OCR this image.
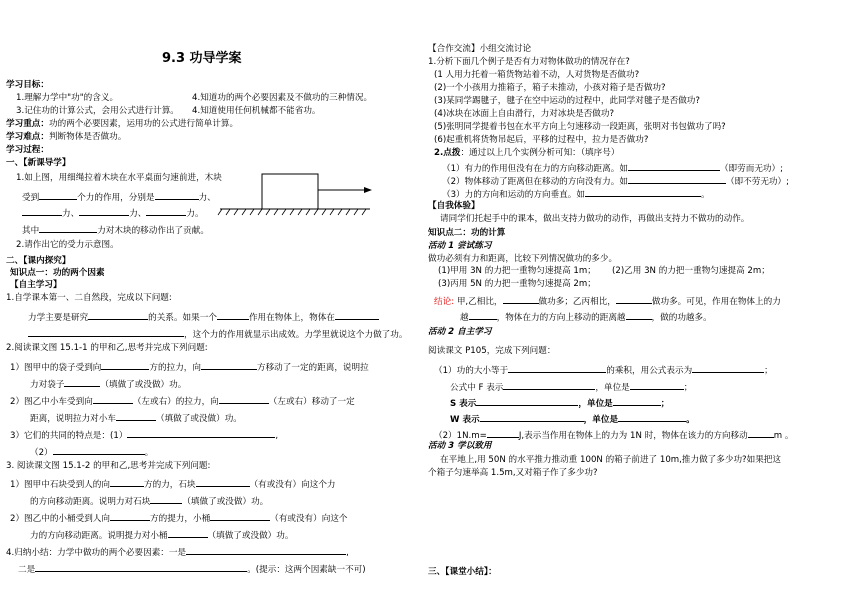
9.3 功导学案
学习目标：
1.理解力学中"功"的含义。	4.知道功的两个必要因素及不做功的三种情况。
3.记住功的计算公式，会用公式进行计算。 4.知道使用任何机械都不能省功。
学习重点：功的两个必要因素，运用功的公式进行简单计算。
学习难点：判断物体是否做功。
学习过程：
一、【新课导学】
1.如上图，用细绳拉着木块在水平桌面匀速前进，木块
受到	个力的作用，分别是	力、
力、	力、	力。
其中	力对木块的移动作出了贡献。
2.请作出它的受力示意图。
二、【课内探究】
知识点一：功的两个因素
【自主学习】
1.自学课本第一、二自然段，完成以下问题:
力学主要是研究	的关系。如果一个	作用在物体上，物体在
，这个力的作用就显示出成效。力学里就说这个力做了功。
2.阅读课文图 15.1-1 的甲和乙,思考并完成下列问题:
1）图甲中的袋子受到向	方的拉力，向	方移动了一定的距离，说明拉
力对袋子	（填做了或没做）功。
2）图乙中小车受到向	（左或右）的拉力，向	（左或右）移动了一定
距离，说明拉力对小车	（填做了或没做）功。
3）它们的共同的特点是：(1）	,
（2）	。
3. 阅读课文图 15.1-2 的甲和乙,思考并完成下列问题:
1）图甲中石块受到人的向	方的力，石块	（有或没有）向这个力
的方向移动距离。说明力对石块	（填做了或没做）功。
2）图乙中的小桶受到人向	方的提力，小桶	（有或没有）向这个
力的方向移动距离。说明提力对小桶	（填做了或没做）功。
4.归纳小结：力学中做功的两个必要因素：一是	,
二是	。(提示：这两个因素缺一不可)
【合作交流】小组交流讨论
1.分析下面几个例子是否有力对物体做功的情况存在?
(1 人用力托着一箱货物站着不动，人对货物是否做功?
(2)一个小孩用力推箱子，箱子未推动，小孩对箱子是否做功?
(3)某同学踢毽子，毽子在空中运动的过程中，此同学对毽子是否做功?
(4)冰块在冰面上自由滑行，力对冰块是否做功?
(5)张明同学提着书包在水平方向上匀速移动一段距离，张明对书包做功了吗?
(6)起重机将货物吊起后，平移的过程中，拉力是否做功?
2.点拨：通过以上几个实例分析可知：（填序号）
（1）有力的作用但没有在力的方向移动距离。如	（即劳而无功）;
（2）物体移动了距离但在移动的方向没有力。如	（即不劳无功）;
（3）力的方向和运动的方向垂直。如	。
【自我体验】
请同学们托起手中的课本，做出支持力做功的动作，再做出支持力不做功的动作。
知识点二：功的计算
活动 1 尝试练习
做功必须有力和距离，比较下列情况做功的多少。
(1)甲用 3N 的力把一重物匀速提高 1m； (2)乙用 3N 的力把一重物匀速提高 2m；
(3)丙用 5N 的力把一重物匀速提高 2m；
结论: 甲,乙相比，	做功多；乙丙相比，	做功多。可见，作用在物体上的力
越	，物体在力的方向上移动的距离越	，做的功越多。
活动 2 自主学习
阅读课文 P105，完成下列问题：
（1）功的大小等于	的乘积，用公式表示为	；
公式中 F 表示	，单位是	；
S 表示	，单位是	；
W 表示	，单位是	。
（2）1N.m=	J,表示当作用在物体上的力为 1N 时，物体在该力的方向移动	m 。
活动 3 学以致用
在平地上,用 50N 的水平推力推动重 100N 的箱子前进了 10m,推力做了多少功?如果把这
个箱子匀速举高 1.5m,又对箱子作了多少功?
三、【课堂小结】：
